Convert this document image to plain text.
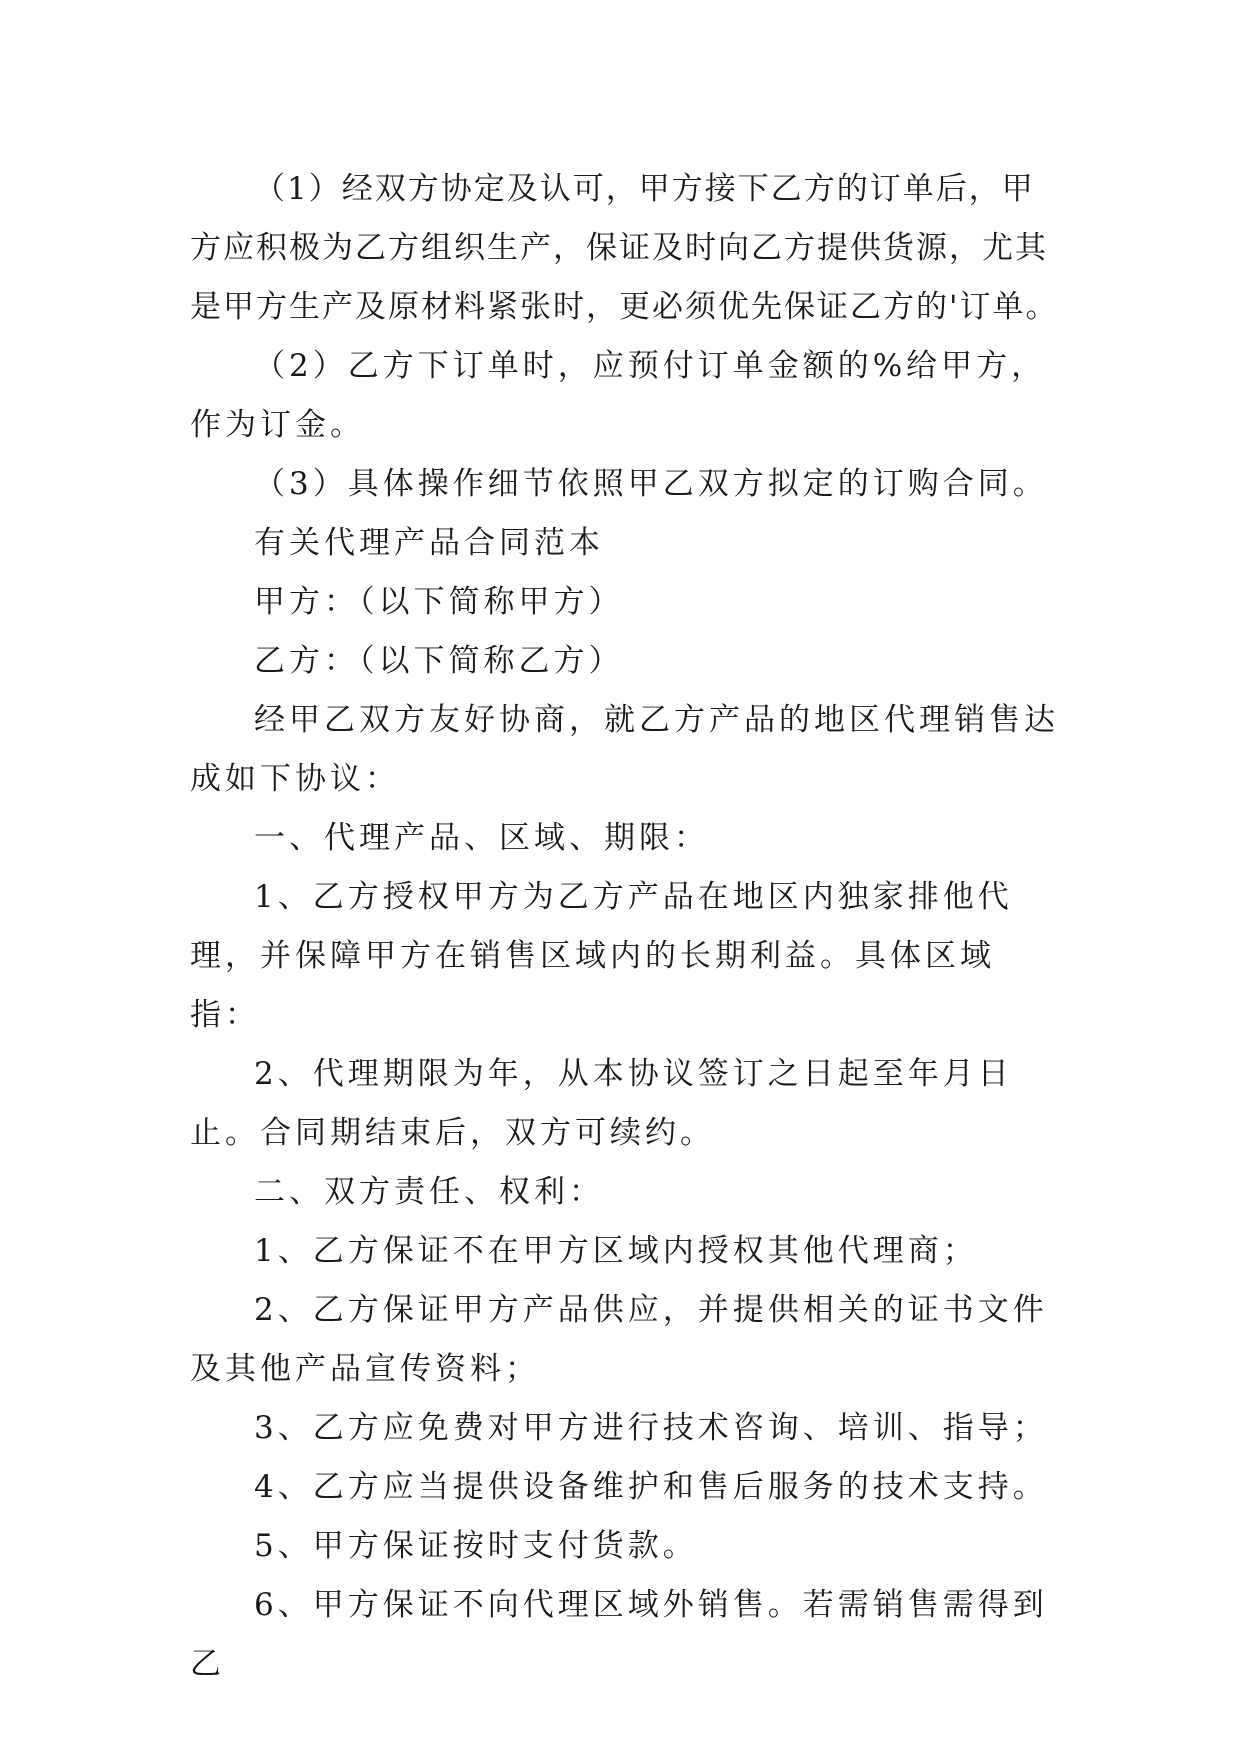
（1）经双方协定及认可，甲方接下乙方的订单后，甲方应积极为乙方组织生产，保证及时向乙方提供货源，尤其是甲方生产及原材料紧张时，更必须优先保证乙方的'订单。

（2）乙方下订单时，应预付订单金额的%给甲方，作为订金。

（3）具体操作细节依照甲乙双方拟定的订购合同。

有关代理产品合同范本

甲方：（以下简称甲方）

乙方：（以下简称乙方）

经甲乙双方友好协商，就乙方产品的地区代理销售达成如下协议：

一、代理产品、区域、期限：

1、乙方授权甲方为乙方产品在地区内独家排他代理，并保障甲方在销售区域内的长期利益。具体区域指：

2、代理期限为年，从本协议签订之日起至年月日止。合同期结束后，双方可续约。

二、双方责任、权利：

1、乙方保证不在甲方区域内授权其他代理商；

2、乙方保证甲方产品供应，并提供相关的证书文件及其他产品宣传资料；

3、乙方应免费对甲方进行技术咨询、培训、指导；

4、乙方应当提供设备维护和售后服务的技术支持。

5、甲方保证按时支付货款。

6、甲方保证不向代理区域外销售。若需销售需得到乙
